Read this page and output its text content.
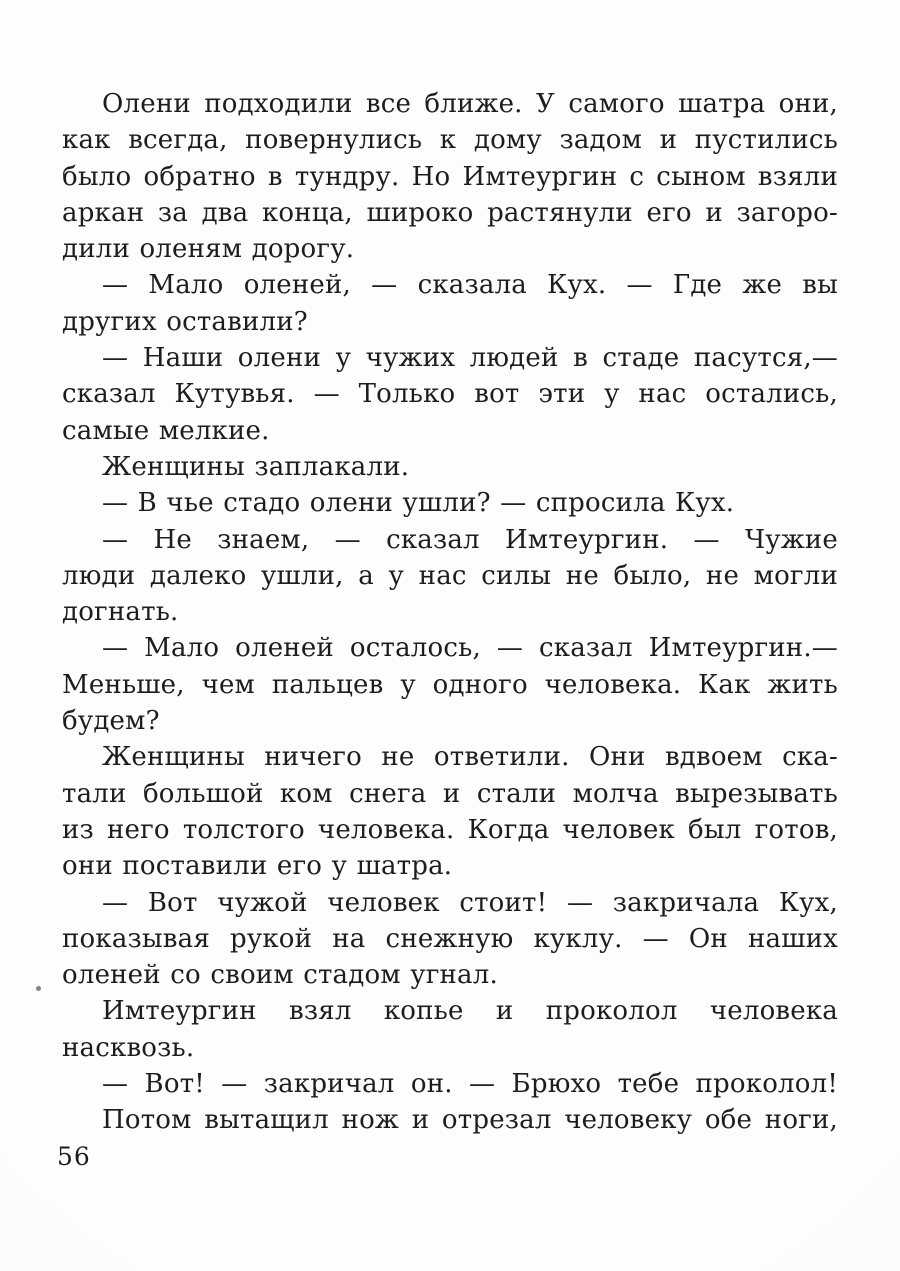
Олени подходили все ближе. У самого шатра они,
как всегда, повернулись к дому задом и пустились
было обратно в тундру. Но Имтеургин с сыном взяли
аркан за два конца, широко растянули его и загоро-
дили оленям дорогу.

— Мало оленей, — сказала Кух. — Где же вы
других оставили?

— Наши олени у чужих людей в стаде пасутся,—
сказал Кутувья. — Только вот эти у нас остались,
самые мелкие.

Женщины заплакали.

— В чье стадо олени ушли? — спросила Кух.

— Не знаем, — сказал Имтеургин. — Чужие
люди далеко ушли, а у нас силы не было, не могли
догнать.

— Мало оленей осталось, — сказал Имтеургин.—
Меньше, чем пальцев у одного человека. Как жить
будем?

Женщины ничего не ответили. Они вдвоем ска-
тали большой ком снега и стали молча вырезывать
из него толстого человека. Когда человек был готов,
они поставили его у шатра.

— Вот чужой человек стоит! — закричала Кух,
показывая рукой на снежную куклу. — Он наших
оленей со своим стадом угнал.

Имтеургин взял копье и проколол человека
насквозь.

— Вот! — закричал он. — Брюхо тебе проколол!

Потом вытащил нож и отрезал человеку обе ноги,

56
